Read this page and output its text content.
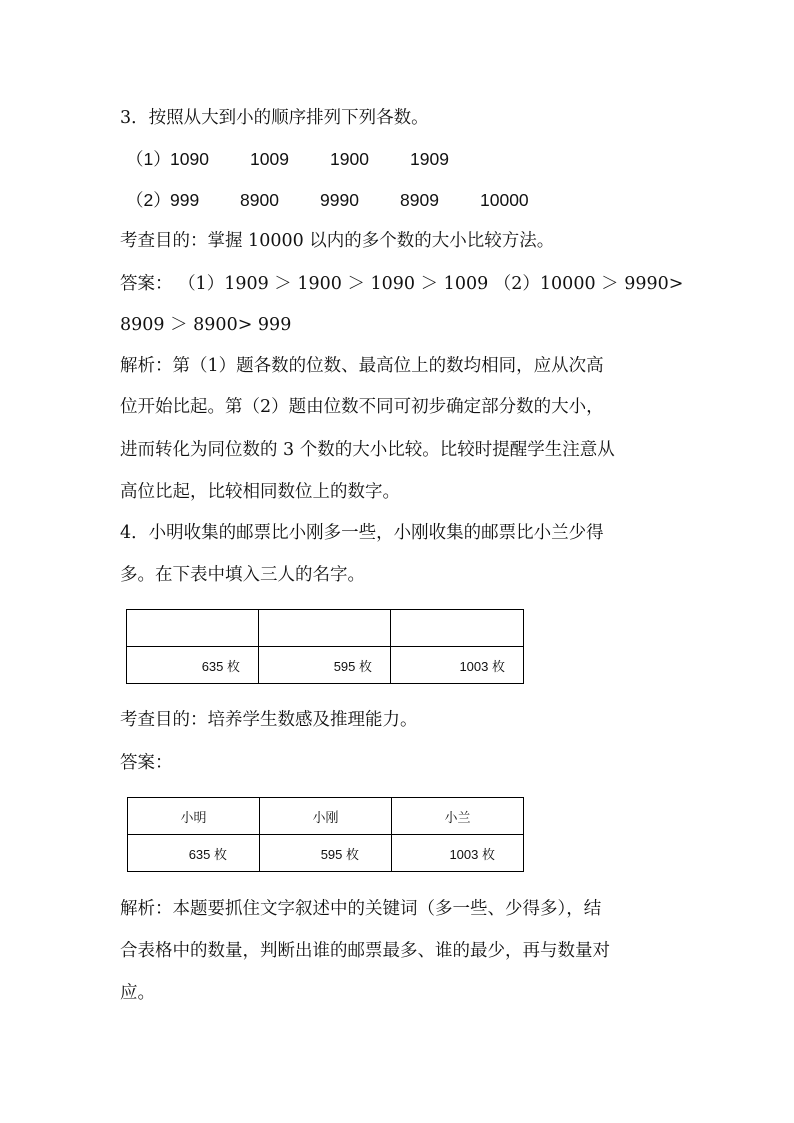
3．按照从大到小的顺序排列下列各数。
（1）1090 1009 1900 1909
（2）999 8900 9990 8909 10000
考查目的：掌握 10000 以内的多个数的大小比较方法。
答案： （1）1909 ＞ 1900 ＞ 1090 ＞ 1009 （2）10000 ＞ 9990>
8909 ＞ 8900> 999
解析：第（1）题各数的位数、最高位上的数均相同，应从次高
位开始比起。第（2）题由位数不同可初步确定部分数的大小，
进而转化为同位数的 3 个数的大小比较。比较时提醒学生注意从
高位比起，比较相同数位上的数字。
4．小明收集的邮票比小刚多一些，小刚收集的邮票比小兰少得
多。在下表中填入三人的名字。

635 枚	595 枚	1003 枚
考查目的：培养学生数感及推理能力。
答案：
小明	小刚	小兰
635 枚	595 枚	1003 枚
解析：本题要抓住文字叙述中的关键词（多一些、少得多），结
合表格中的数量，判断出谁的邮票最多、谁的最少，再与数量对
应。
